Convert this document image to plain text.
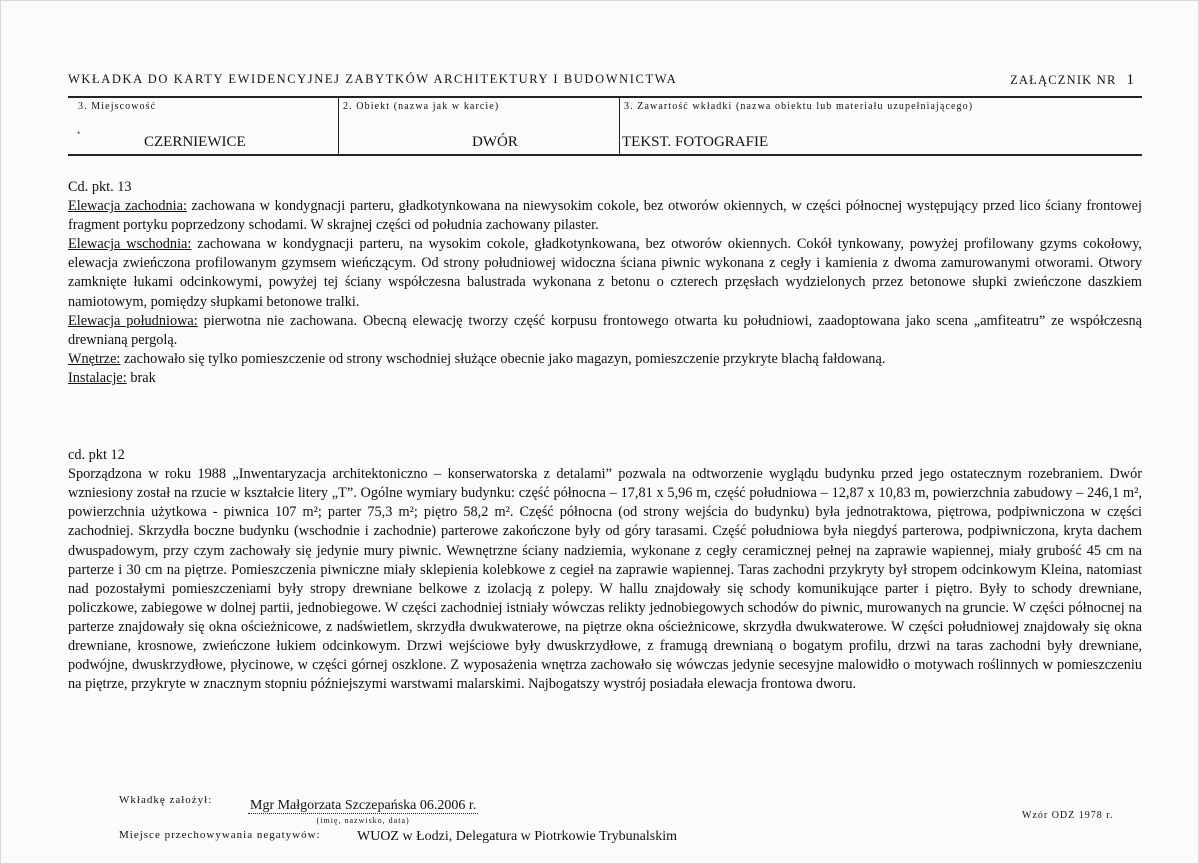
WKŁADKA DO KARTY EWIDENCYJNEJ ZABYTKÓW ARCHITEKTURY I BUDOWNICTWA	ZAŁĄCZNIK NR 1
3. Miejscowość
•
CZERNIEWICE
2. Obiekt (nazwa jak w karcie)
DWÓR
3. Zawartość wkładki (nazwa obiektu lub materiału uzupełniającego)
TEKST. FOTOGRAFIE

Cd. pkt. 13

Elewacja zachodnia: zachowana w kondygnacji parteru, gładkotynkowana na niewysokim cokole, bez otworów okiennych, w części północnej występujący przed lico ściany frontowej fragment portyku poprzedzony schodami. W skrajnej części od południa zachowany pilaster.

Elewacja wschodnia: zachowana w kondygnacji parteru, na wysokim cokole, gładkotynkowana, bez otworów okiennych. Cokół tynkowany, powyżej profilowany gzyms cokołowy, elewacja zwieńczona profilowanym gzymsem wieńczącym. Od strony południowej widoczna ściana piwnic wykonana z cegły i kamienia z dwoma zamurowanymi otworami. Otwory zamknięte łukami odcinkowymi, powyżej tej ściany współczesna balustrada wykonana z betonu o czterech przęsłach wydzielonych przez betonowe słupki zwieńczone daszkiem namiotowym, pomiędzy słupkami betonowe tralki.

Elewacja południowa: pierwotna nie zachowana. Obecną elewację tworzy część korpusu frontowego otwarta ku południowi, zaadoptowana jako scena „amfiteatru” ze współczesną drewnianą pergolą.

Wnętrze: zachowało się tylko pomieszczenie od strony wschodniej służące obecnie jako magazyn, pomieszczenie przykryte blachą fałdowaną.

Instalacje: brak

cd. pkt 12

Sporządzona w roku 1988 „Inwentaryzacja architektoniczno – konserwatorska z detalami” pozwala na odtworzenie wyglądu budynku przed jego ostatecznym rozebraniem. Dwór wzniesiony został na rzucie w kształcie litery „T”. Ogólne wymiary budynku: część północna – 17,81 x 5,96 m, część południowa – 12,87 x 10,83 m, powierzchnia zabudowy – 246,1 m², powierzchnia użytkowa - piwnica 107 m²; parter 75,3 m²; piętro 58,2 m². Część północna (od strony wejścia do budynku) była jednotraktowa, piętrowa, podpiwniczona w części zachodniej. Skrzydła boczne budynku (wschodnie i zachodnie) parterowe zakończone były od góry tarasami. Część południowa była niegdyś parterowa, podpiwniczona, kryta dachem dwuspadowym, przy czym zachowały się jedynie mury piwnic. Wewnętrzne ściany nadziemia, wykonane z cegły ceramicznej pełnej na zaprawie wapiennej, miały grubość 45 cm na parterze i 30 cm na piętrze. Pomieszczenia piwniczne miały sklepienia kolebkowe z cegieł na zaprawie wapiennej. Taras zachodni przykryty był stropem odcinkowym Kleina, natomiast nad pozostałymi pomieszczeniami były stropy drewniane belkowe z izolacją z polepy. W hallu znajdowały się schody komunikujące parter i piętro. Były to schody drewniane, policzkowe, zabiegowe w dolnej partii, jednobiegowe. W części zachodniej istniały wówczas relikty jednobiegowych schodów do piwnic, murowanych na gruncie. W części północnej na parterze znajdowały się okna ościeżnicowe, z nadświetlem, skrzydła dwukwaterowe, na piętrze okna ościeżnicowe, skrzydła dwukwaterowe. W części południowej znajdowały się okna drewniane, krosnowe, zwieńczone łukiem odcinkowym. Drzwi wejściowe były dwuskrzydłowe, z framugą drewnianą o bogatym profilu, drzwi na taras zachodni były drewniane, podwójne, dwuskrzydłowe, płycinowe, w części górnej oszklone. Z wyposażenia wnętrza zachowało się wówczas jedynie secesyjne malowidło o motywach roślinnych w pomieszczeniu na piętrze, przykryte w znacznym stopniu późniejszymi warstwami malarskimi. Najbogatszy wystrój posiadała elewacja frontowa dworu.

Wkładkę założył:	Mgr Małgorzata Szczepańska 06.2006 r.
(imię, nazwisko, data)	Wzór ODZ 1978 r.
Miejsce przechowywania negatywów:	WUOZ w Łodzi, Delegatura w Piotrkowie Trybunalskim
